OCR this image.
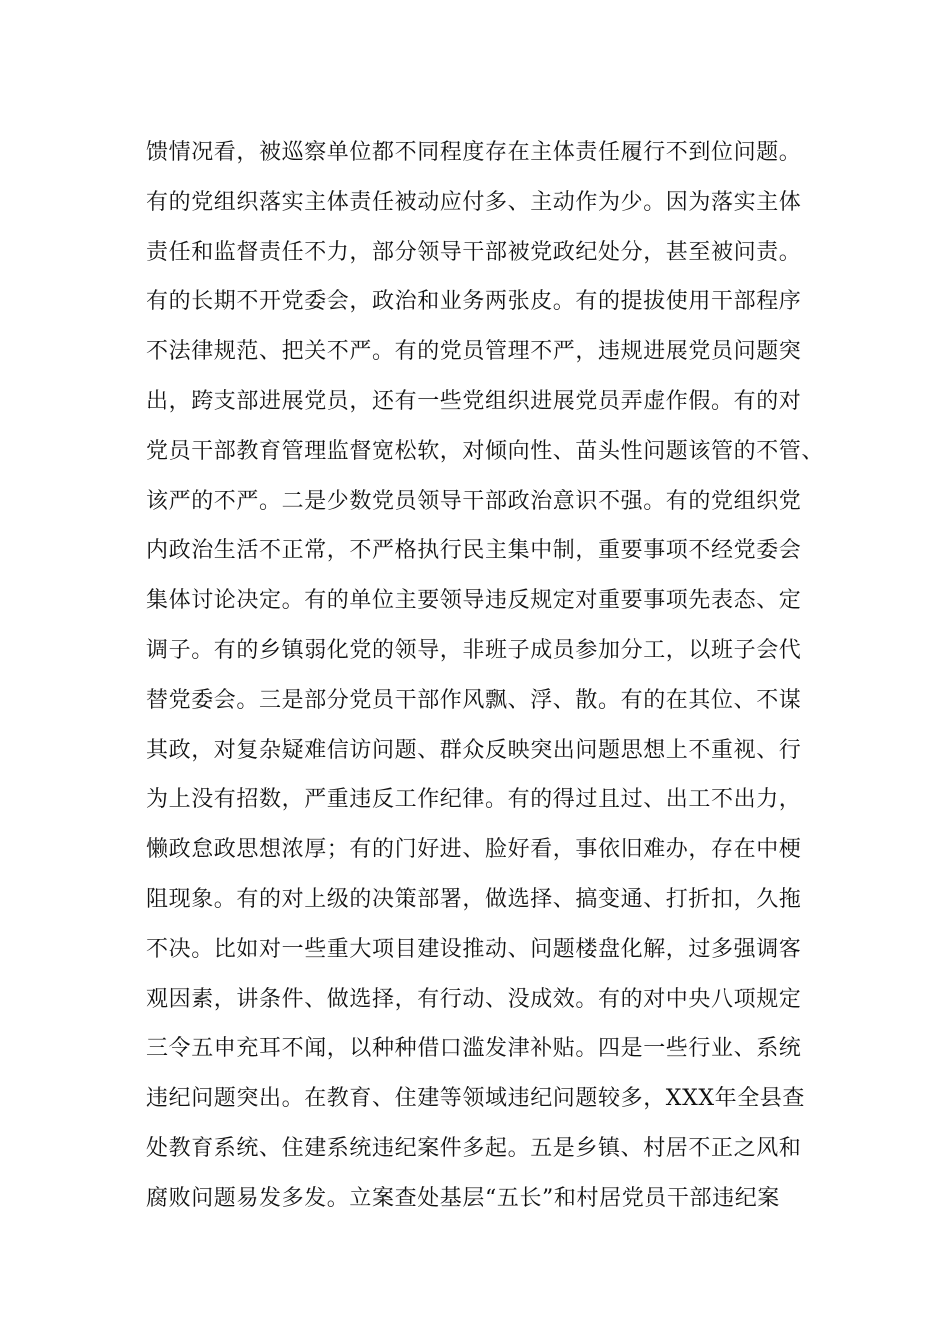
馈情况看，被巡察单位都不同程度存在主体责任履行不到位问题。
有的党组织落实主体责任被动应付多、主动作为少。因为落实主体
责任和监督责任不力，部分领导干部被党政纪处分，甚至被问责。
有的长期不开党委会，政治和业务两张皮。有的提拔使用干部程序
不法律规范、把关不严。有的党员管理不严，违规进展党员问题突
出，跨支部进展党员，还有一些党组织进展党员弄虚作假。有的对
党员干部教育管理监督宽松软，对倾向性、苗头性问题该管的不管、
该严的不严。二是少数党员领导干部政治意识不强。有的党组织党
内政治生活不正常，不严格执行民主集中制，重要事项不经党委会
集体讨论决定。有的单位主要领导违反规定对重要事项先表态、定
调子。有的乡镇弱化党的领导，非班子成员参加分工，以班子会代
替党委会。三是部分党员干部作风飘、浮、散。有的在其位、不谋
其政，对复杂疑难信访问题、群众反映突出问题思想上不重视、行
为上没有招数，严重违反工作纪律。有的得过且过、出工不出力，
懒政怠政思想浓厚；有的门好进、脸好看，事依旧难办，存在中梗
阻现象。有的对上级的决策部署，做选择、搞变通、打折扣，久拖
不决。比如对一些重大项目建设推动、问题楼盘化解，过多强调客
观因素，讲条件、做选择，有行动、没成效。有的对中央八项规定
三令五申充耳不闻，以种种借口滥发津补贴。四是一些行业、系统
违纪问题突出。在教育、住建等领域违纪问题较多，XXX年全县查
处教育系统、住建系统违纪案件多起。五是乡镇、村居不正之风和
腐败问题易发多发。立案查处基层“五长”和村居党员干部违纪案
